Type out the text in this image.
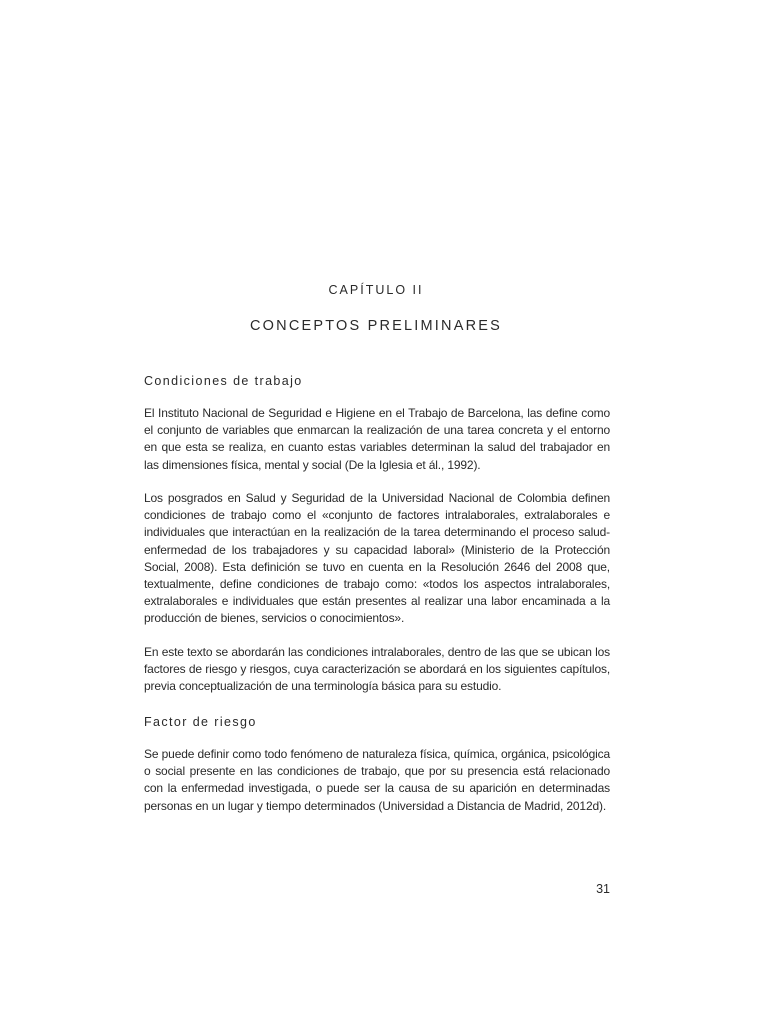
CAPÍTULO II
CONCEPTOS PRELIMINARES
Condiciones de trabajo
El Instituto Nacional de Seguridad e Higiene en el Trabajo de Barcelona, las define como el conjunto de variables que enmarcan la realización de una tarea concreta y el entorno en que esta se realiza, en cuanto estas variables determinan la salud del trabajador en las dimensiones física, mental y social (De la Iglesia et ál., 1992).
Los posgrados en Salud y Seguridad de la Universidad Nacional de Colombia definen condiciones de trabajo como el «conjunto de factores intralaborales, extralaborales e individuales que interactúan en la realización de la tarea determinando el proceso salud-enfermedad de los trabajadores y su capacidad laboral» (Ministerio de la Protección Social, 2008). Esta definición se tuvo en cuenta en la Resolución 2646 del 2008 que, textualmente, define condiciones de trabajo como: «todos los aspectos intralaborales, extralaborales e individuales que están presentes al realizar una labor encaminada a la producción de bienes, servicios o conocimientos».
En este texto se abordarán las condiciones intralaborales, dentro de las que se ubican los factores de riesgo y riesgos, cuya caracterización se abordará en los siguientes capítulos, previa conceptualización de una terminología básica para su estudio.
Factor de riesgo
Se puede definir como todo fenómeno de naturaleza física, química, orgánica, psicológica o social presente en las condiciones de trabajo, que por su presencia está relacionado con la enfermedad investigada, o puede ser la causa de su aparición en determinadas personas en un lugar y tiempo determinados (Universidad a Distancia de Madrid, 2012d).
31
